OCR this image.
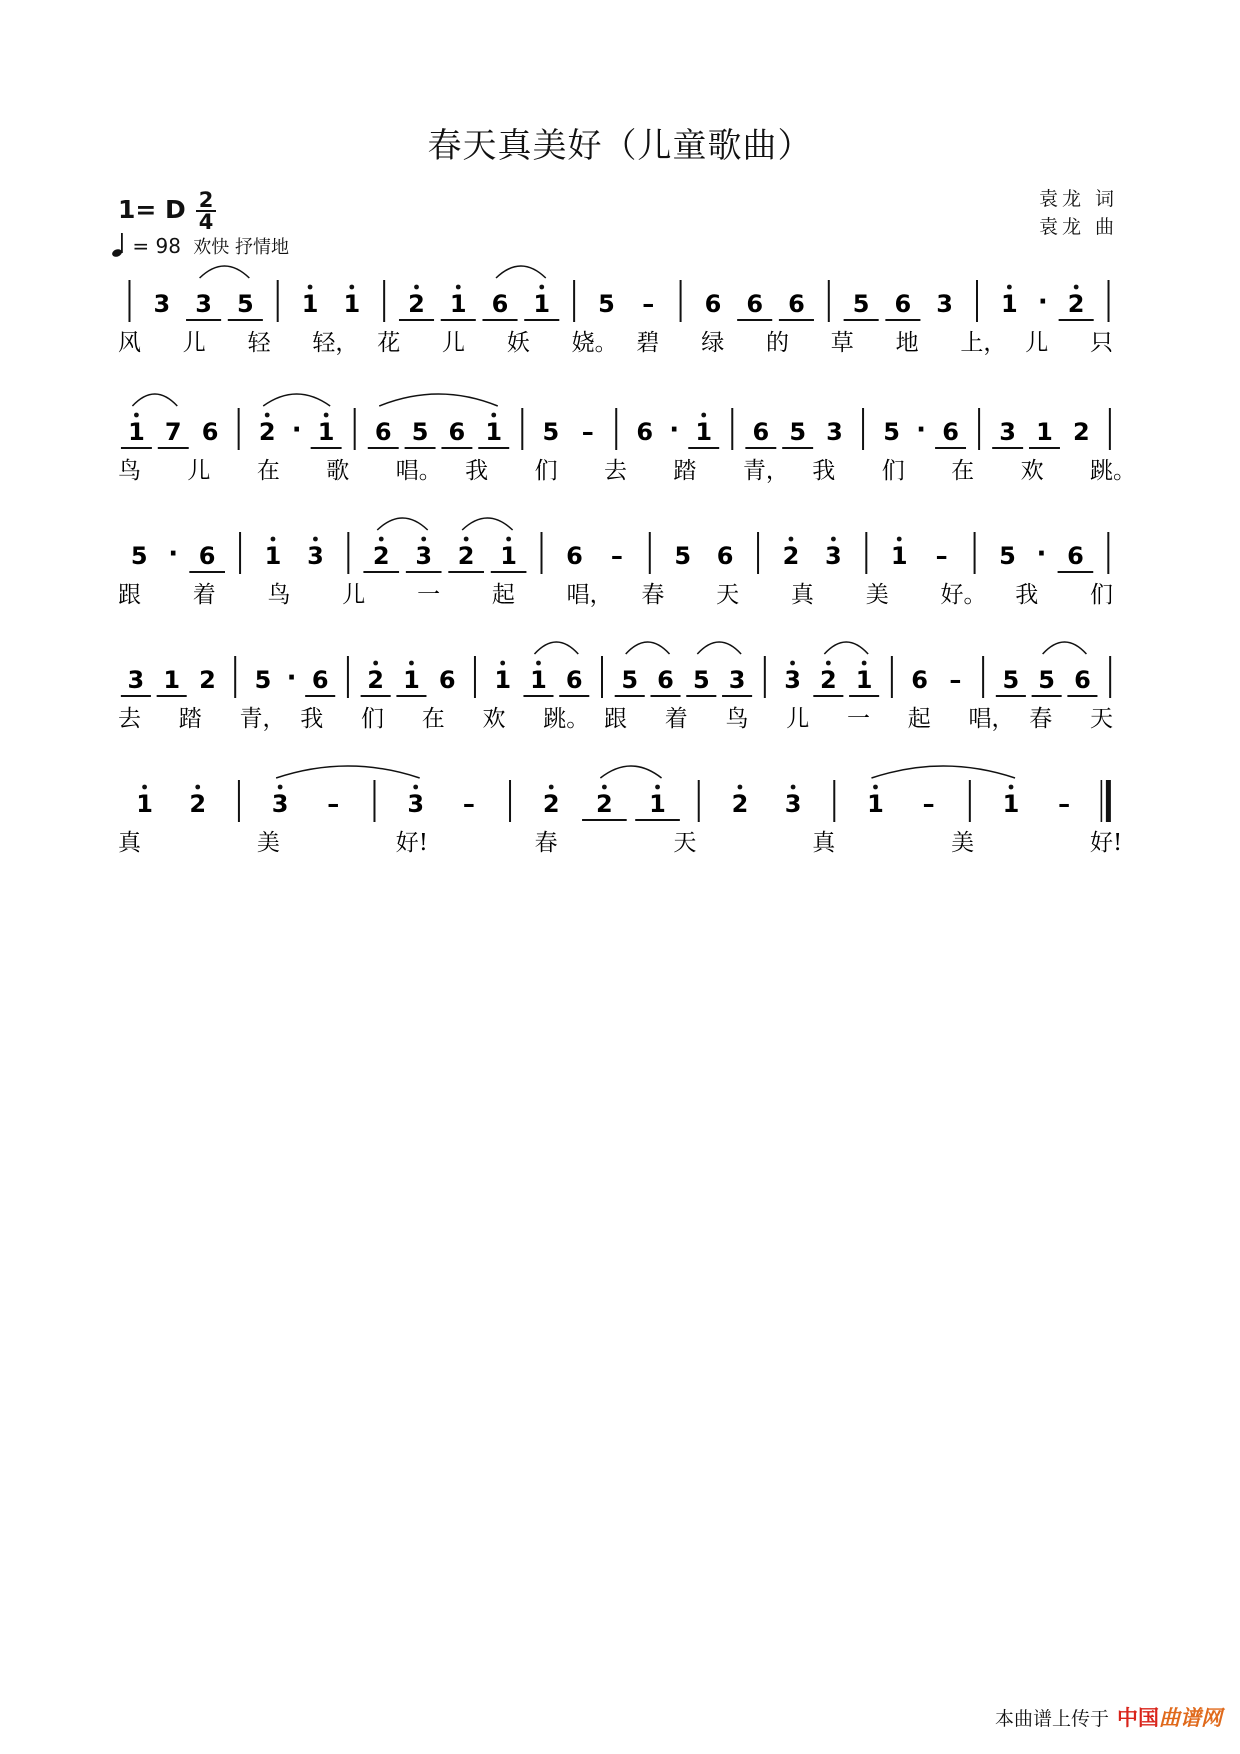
春天真美好（儿童歌曲）
1= D 2
4
= 98 欢快 抒情地
袁龙 词
袁龙 曲
3 3 5 1 1 2 1 6 1 5 – 6 6 6 5 6 3 1 · 2
风 儿 轻 轻， 花 儿 妖 娆。 碧 绿 的 草 地 上， 儿 只
1 7 6 2 · 1 6 5 6 1 5 – 6 · 1 6 5 3 5 · 6 3 1 2
鸟 儿 在 歌 唱。 我 们 去 踏 青， 我 们 在 欢 跳。
5 · 6 1 3 2 3 2 1 6 – 5 6 2 3 1 – 5 · 6
跟 着 鸟 儿 一 起 唱， 春 天 真 美 好。 我 们
3 1 2 5 · 6 2 1 6 1 1 6 5 6 5 3 3 2 1 6 – 5 5 6
去 踏 青， 我 们 在 欢 跳。 跟 着 鸟 儿 一 起 唱， 春 天
1 2	3 –	3 –	2 2 1	2 3	1 –	1 –
真	美	好!	春	天	真	美	好!
本曲谱上传于 中国曲谱网
